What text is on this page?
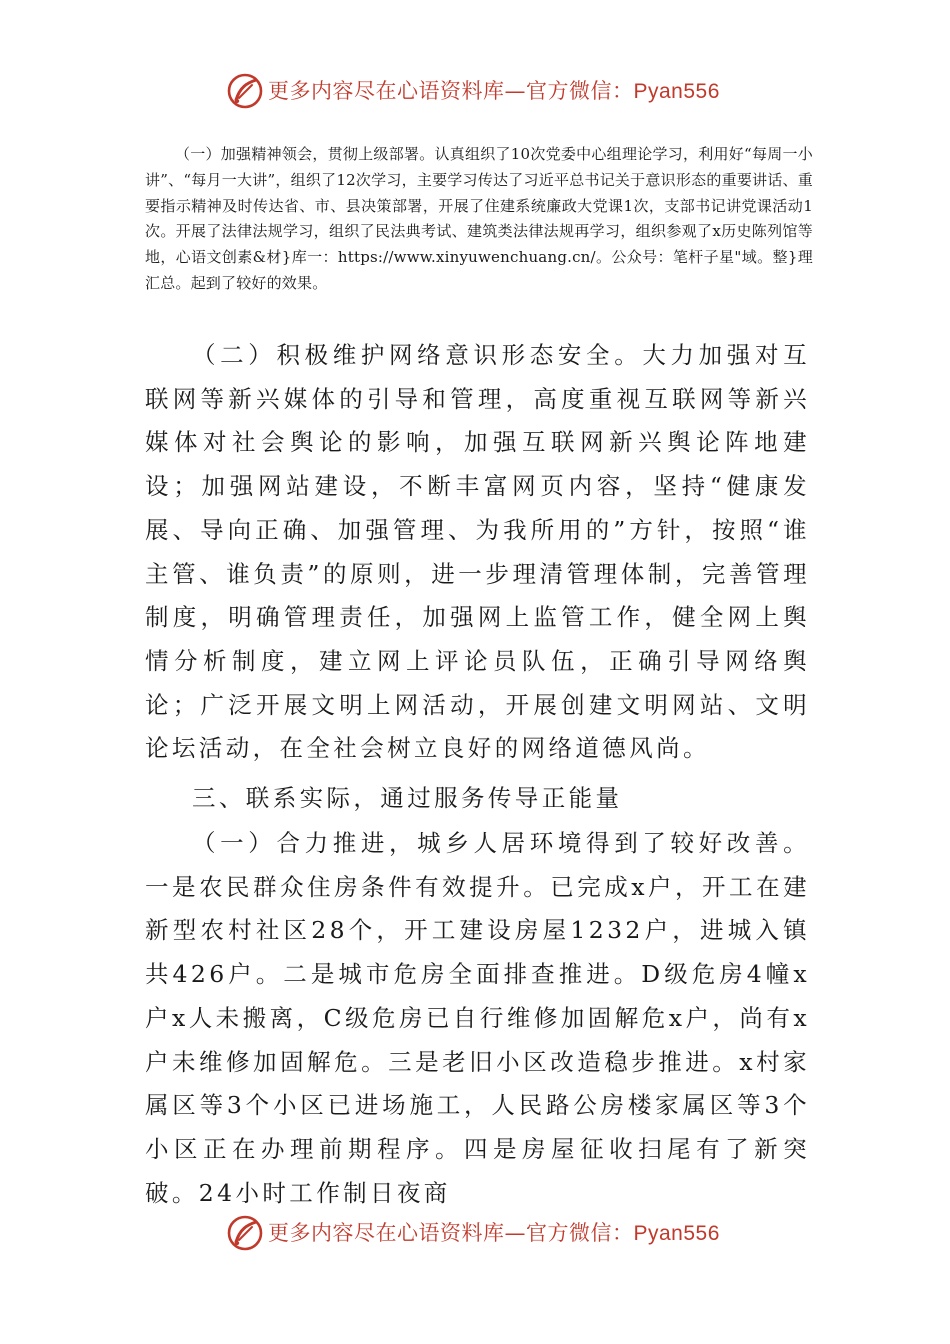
更多内容尽在心语资料库—官方微信：Pyan556
（一）加强精神领会，贯彻上级部署。认真组织了10次党委中心组理论学习，利用好“每周一小讲”、“每月一大讲”，组织了12次学习，主要学习传达了习近平总书记关于意识形态的重要讲话、重要指示精神及时传达省、市、县决策部署，开展了住建系统廉政大党课1次，支部书记讲党课活动1次。开展了法律法规学习，组织了民法典考试、建筑类法律法规再学习，组织参观了x历史陈列馆等地，心语文创素&材}库一：https://www.xinyuwenchuang.cn/。公众号：笔杆子星"域。整}理汇总。起到了较好的效果。

（二）积极维护网络意识形态安全。大力加强对互联网等新兴媒体的引导和管理，高度重视互联网等新兴媒体对社会舆论的影响，加强互联网新兴舆论阵地建设；加强网站建设，不断丰富网页内容，坚持“健康发展、导向正确、加强管理、为我所用的”方针，按照“谁主管、谁负责”的原则，进一步理清管理体制，完善管理制度，明确管理责任，加强网上监管工作，健全网上舆情分析制度，建立网上评论员队伍，正确引导网络舆论；广泛开展文明上网活动，开展创建文明网站、文明论坛活动，在全社会树立良好的网络道德风尚。

三、联系实际，通过服务传导正能量

（一）合力推进，城乡人居环境得到了较好改善。一是农民群众住房条件有效提升。已完成x户，开工在建新型农村社区28个，开工建设房屋1232户，进城入镇共426户。二是城市危房全面排查推进。D级危房4幢x户x人未搬离，C级危房已自行维修加固解危x户，尚有x户未维修加固解危。三是老旧小区改造稳步推进。x村家属区等3个小区已进场施工，人民路公房楼家属区等3个小区正在办理前期程序。四是房屋征收扫尾有了新突破。24小时工作制日夜商

更多内容尽在心语资料库—官方微信：Pyan556
